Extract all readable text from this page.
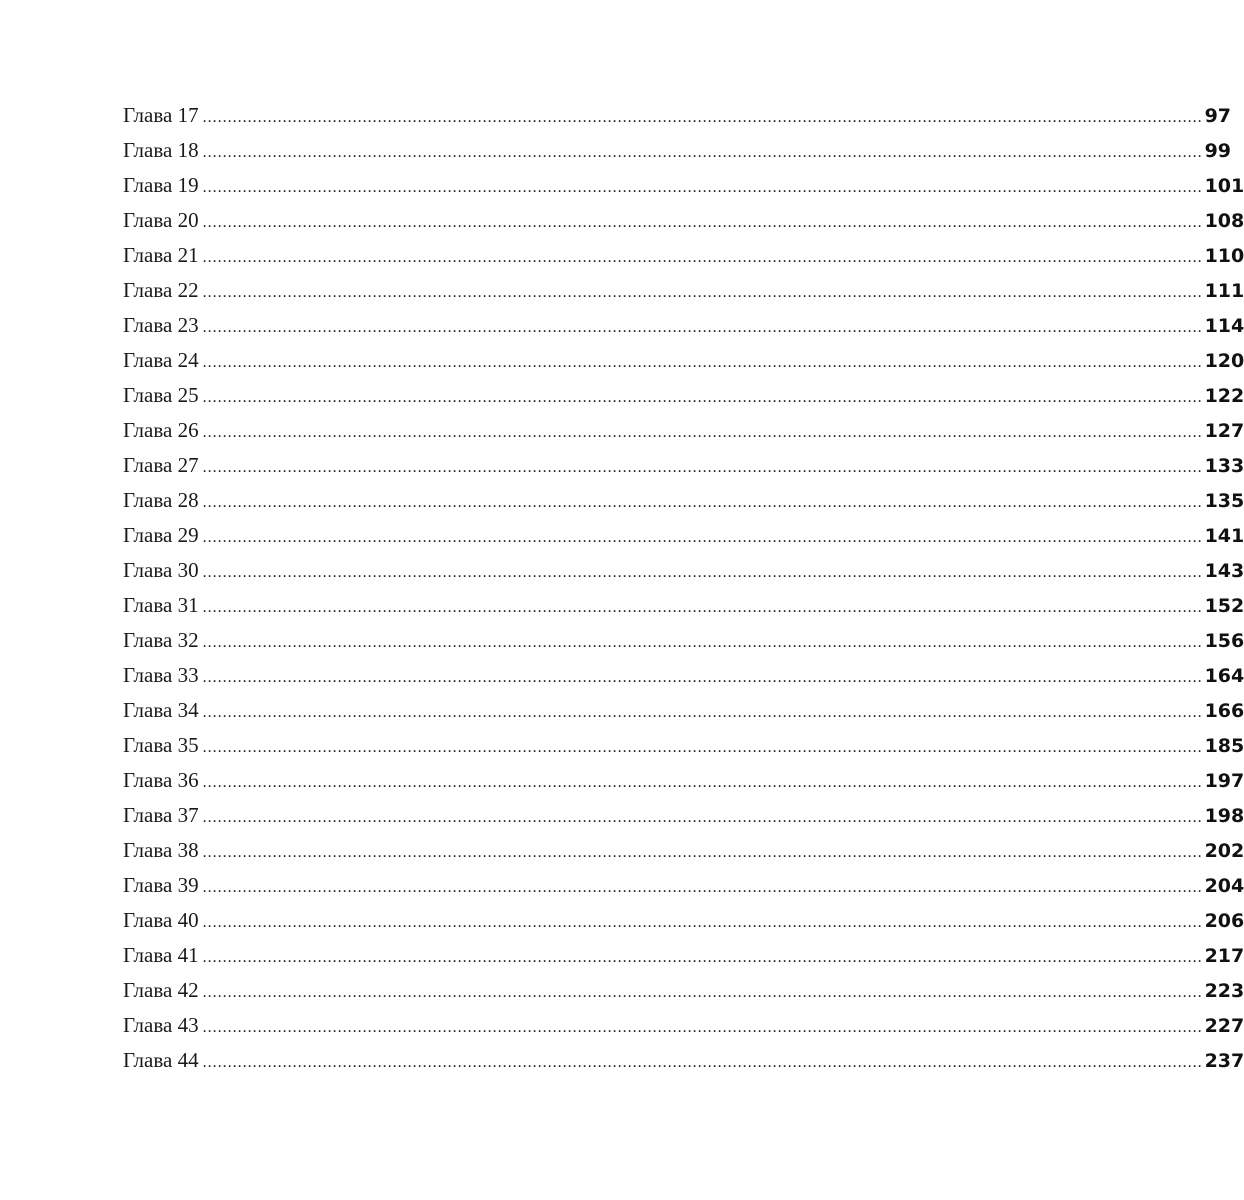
Глава 17 ........................................................................................................................................................................................................ 97
Глава 18 ........................................................................................................................................................................................................ 99
Глава 19 ........................................................................................................................................................................................................ 101
Глава 20 ........................................................................................................................................................................................................ 108
Глава 21 ........................................................................................................................................................................................................ 110
Глава 22 ........................................................................................................................................................................................................ 111
Глава 23 ........................................................................................................................................................................................................ 114
Глава 24 ........................................................................................................................................................................................................ 120
Глава 25 ........................................................................................................................................................................................................ 122
Глава 26 ........................................................................................................................................................................................................ 127
Глава 27 ........................................................................................................................................................................................................ 133
Глава 28 ........................................................................................................................................................................................................ 135
Глава 29 ........................................................................................................................................................................................................ 141
Глава 30 ........................................................................................................................................................................................................ 143
Глава 31 ........................................................................................................................................................................................................ 152
Глава 32 ........................................................................................................................................................................................................ 156
Глава 33 ........................................................................................................................................................................................................ 164
Глава 34 ........................................................................................................................................................................................................ 166
Глава 35 ........................................................................................................................................................................................................ 185
Глава 36 ........................................................................................................................................................................................................ 197
Глава 37 ........................................................................................................................................................................................................ 198
Глава 38 ........................................................................................................................................................................................................ 202
Глава 39 ........................................................................................................................................................................................................ 204
Глава 40 ........................................................................................................................................................................................................ 206
Глава 41 ........................................................................................................................................................................................................ 217
Глава 42 ........................................................................................................................................................................................................ 223
Глава 43 ........................................................................................................................................................................................................ 227
Глава 44 ........................................................................................................................................................................................................ 237
